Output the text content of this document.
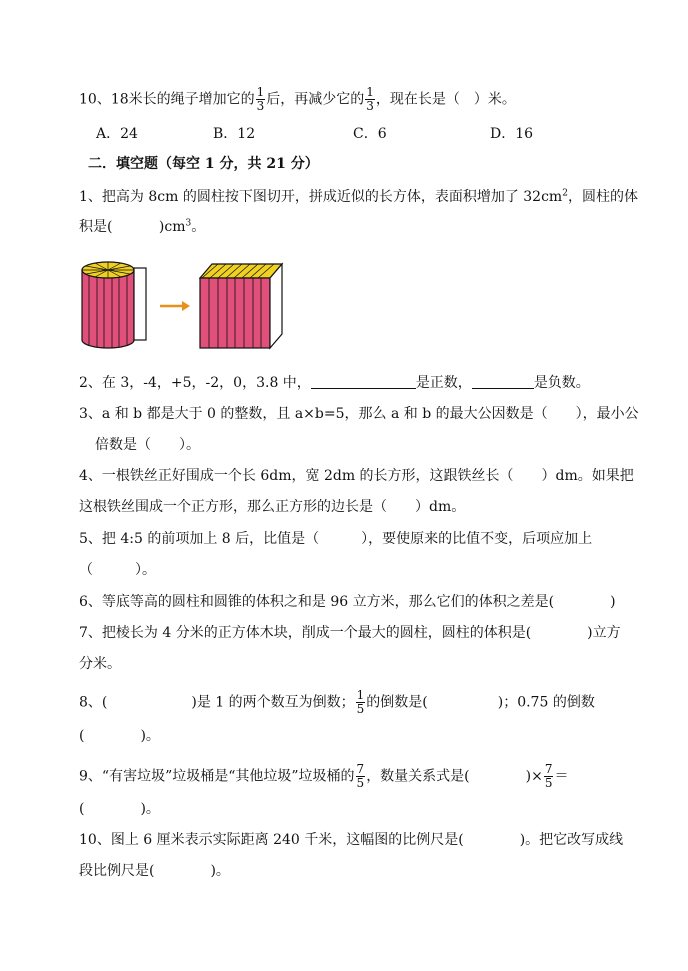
10、18米长的绳子增加它的 $\frac{1}{3}$ 后，再减少它的 $\frac{1}{3}$ ，现在长是（　）米。
A．24	B．12	C．6	D．16
二．填空题（每空 1 分，共 21 分）
1、把高为 8cm 的圆柱按下图切开，拼成近似的长方体，表面积增加了 $32cm^2$，圆柱的体
积是(　　　 )$cm^3$。
2、在 3，-4，+5，-2，0，3.8 中，	是正数，	是负数。
3、a 和 b 都是大于 0 的整数，且 a×b=5，那么 a 和 b 的最大公因数是（　　），最小公
倍数是（　　）。
4、一根铁丝正好围成一个长 6dm，宽 2dm 的长方形，这跟铁丝长（　　）dm。如果把
这根铁丝围成一个正方形，那么正方形的边长是（　　）dm。
5、把 4:5 的前项加上 8 后，比值是（　　　），要使原来的比值不变，后项应加上
（　　　）。
6、等底等高的圆柱和圆锥的体积之和是 96 立方米，那么它们的体积之差是(　　　　)
7、把棱长为 4 分米的正方体木块，削成一个最大的圆柱，圆柱的体积是(　　　　)立方
分米。
8、(　　　　　　)是 1 的两个数互为倒数； $\frac{1}{5}$ 的倒数是(　　　　　)；0.75 的倒数
(　　　　)。
9、“有害垃圾”垃圾桶是“其他垃圾”垃圾桶的 $\frac{7}{5}$ ，数量关系式是(　　　　)× $\frac{7}{5}$ ＝
(　　　　)。
10、图上 6 厘米表示实际距离 240 千米，这幅图的比例尺是(　　　　)。把它改写成线
段比例尺是(　　　　)。
